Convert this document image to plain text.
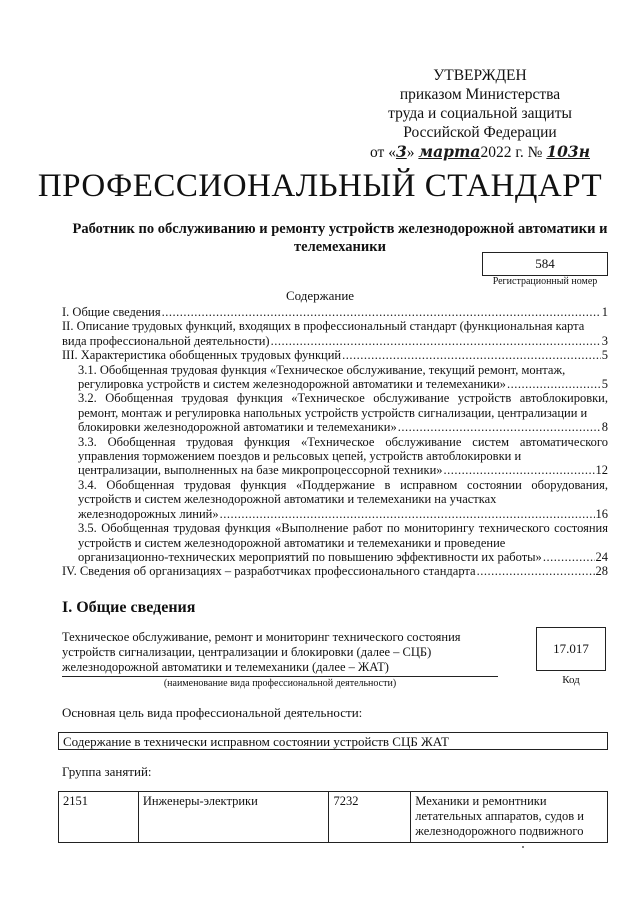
УТВЕРЖДЕН
приказом Министерства
труда и социальной защиты
Российской Федерации
от «3» марта2022 г. № 103н
ПРОФЕССИОНАЛЬНЫЙ СТАНДАРТ
Работник по обслуживанию и ремонту устройств железнодорожной автоматики и телемеханики
584
Регистрационный номер
Содержание
I. Общие сведения .....	1
II. Описание трудовых функций, входящих в профессиональный стандарт (функциональная карта
вида профессиональной деятельности) .....	3
III. Характеристика обобщенных трудовых функций .....	5
3.1. Обобщенная трудовая функция «Техническое обслуживание, текущий ремонт, монтаж,
регулировка устройств и систем железнодорожной автоматики и телемеханики» .....	5
3.2. Обобщенная трудовая функция «Техническое обслуживание устройств автоблокировки, ремонт, монтаж и регулировка напольных устройств устройств сигнализации, централизации и
блокировки железнодорожной автоматики и телемеханики» .....	8
3.3. Обобщенная трудовая функция «Техническое обслуживание систем автоматического управления торможением поездов и рельсовых цепей, устройств автоблокировки и
централизации, выполненных на базе микропроцессорной техники» .....	12
3.4. Обобщенная трудовая функция «Поддержание в исправном состоянии оборудования, устройств и систем железнодорожной автоматики и телемеханики на участках
железнодорожных линий» .....	16
3.5. Обобщенная трудовая функция «Выполнение работ по мониторингу технического состояния устройств и систем железнодорожной автоматики и телемеханики и проведение
организационно-технических мероприятий по повышению эффективности их работы» .....	24
IV. Сведения об организациях – разработчиках профессионального стандарта .....	28
I. Общие сведения
Техническое обслуживание, ремонт и мониторинг технического состояния устройств сигнализации, централизации и блокировки (далее – СЦБ) железнодорожной автоматики и телемеханики (далее – ЖАТ)
(наименование вида профессиональной деятельности)
17.017
Код
Основная цель вида профессиональной деятельности:
Содержание в технически исправном состоянии устройств СЦБ ЖАТ
Группа занятий:
2151	Инженеры-электрики	7232	Механики и ремонтники летательных аппаратов, судов и железнодорожного подвижного
